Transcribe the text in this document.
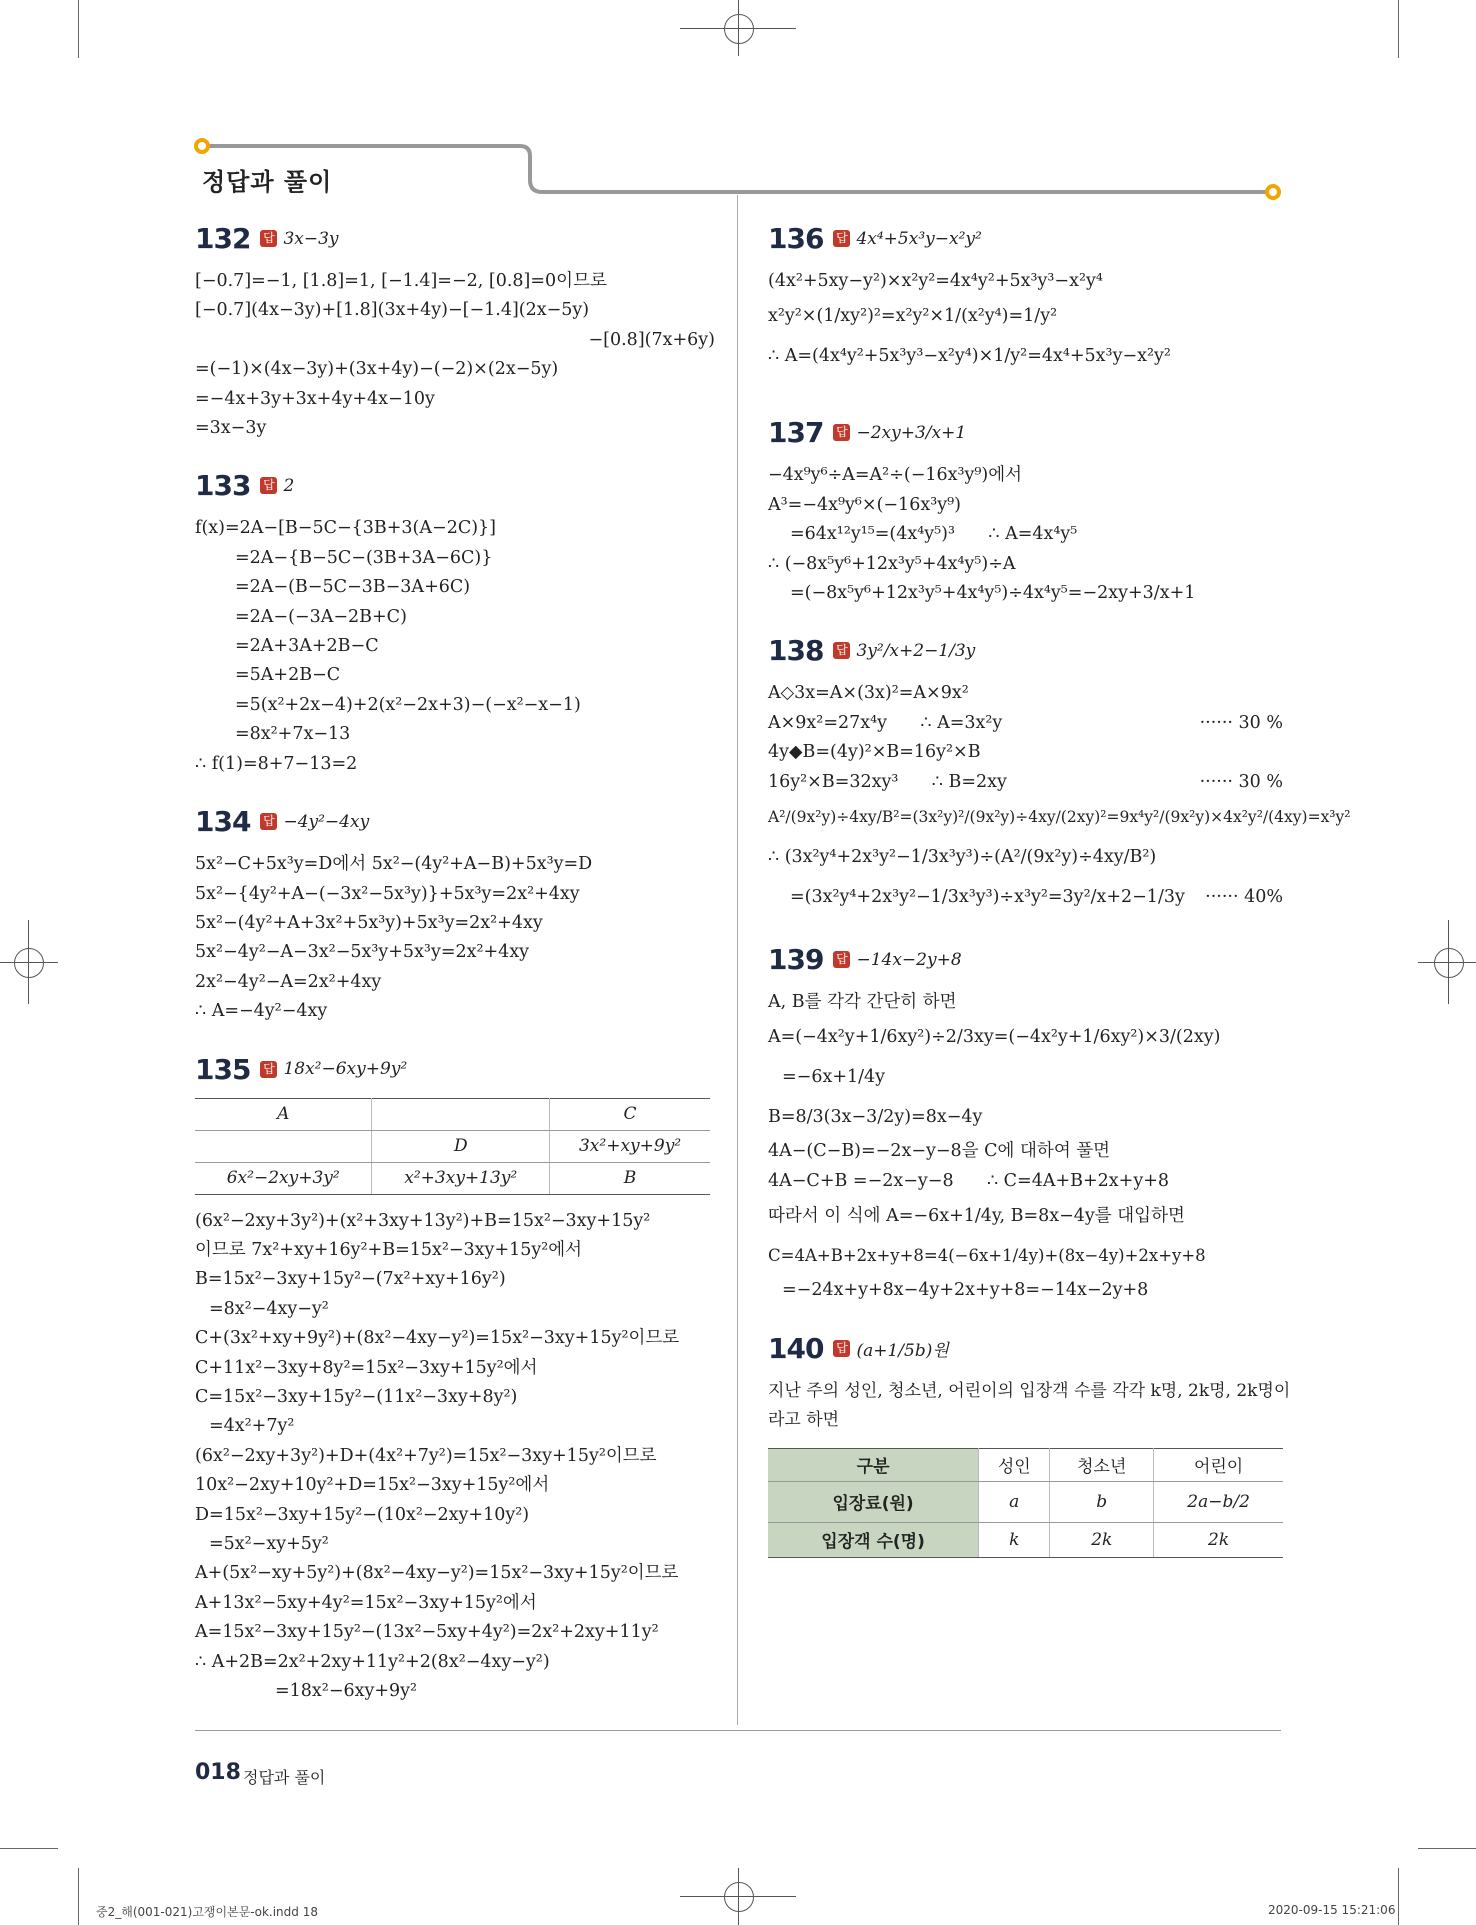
정답과 풀이
132 답 3x−3y
[−0.7]=−1, [1.8]=1, [−1.4]=−2, [0.8]=0이므로
[−0.7](4x−3y)+[1.8](3x+4y)−[−1.4](2x−5y)
−[0.8](7x+6y)
=(−1)×(4x−3y)+(3x+4y)−(−2)×(2x−5y)
=−4x+3y+3x+4y+4x−10y
=3x−3y
133 답 2
f(x)=2A−[B−5C−{3B+3(A−2C)}]
=2A−{B−5C−(3B+3A−6C)}
=2A−(B−5C−3B−3A+6C)
=2A−(−3A−2B+C)
=2A+3A+2B−C
=5A+2B−C
=5(x²+2x−4)+2(x²−2x+3)−(−x²−x−1)
=8x²+7x−13
∴ f(1)=8+7−13=2
134 답 −4y²−4xy
5x²−C+5x³y=D에서 5x²−(4y²+A−B)+5x³y=D
5x²−{4y²+A−(−3x²−5x³y)}+5x³y=2x²+4xy
5x²−(4y²+A+3x²+5x³y)+5x³y=2x²+4xy
5x²−4y²−A−3x²−5x³y+5x³y=2x²+4xy
2x²−4y²−A=2x²+4xy
∴ A=−4y²−4xy
135 답 18x²−6xy+9y²
A		C
	D	3x²+xy+9y²
6x²−2xy+3y²	x²+3xy+13y²	B
(6x²−2xy+3y²)+(x²+3xy+13y²)+B=15x²−3xy+15y²
이므로 7x²+xy+16y²+B=15x²−3xy+15y²에서
B=15x²−3xy+15y²−(7x²+xy+16y²)
=8x²−4xy−y²
C+(3x²+xy+9y²)+(8x²−4xy−y²)=15x²−3xy+15y²이므로
C+11x²−3xy+8y²=15x²−3xy+15y²에서
C=15x²−3xy+15y²−(11x²−3xy+8y²)
=4x²+7y²
(6x²−2xy+3y²)+D+(4x²+7y²)=15x²−3xy+15y²이므로
10x²−2xy+10y²+D=15x²−3xy+15y²에서
D=15x²−3xy+15y²−(10x²−2xy+10y²)
=5x²−xy+5y²
A+(5x²−xy+5y²)+(8x²−4xy−y²)=15x²−3xy+15y²이므로
A+13x²−5xy+4y²=15x²−3xy+15y²에서
A=15x²−3xy+15y²−(13x²−5xy+4y²)=2x²+2xy+11y²
∴ A+2B=2x²+2xy+11y²+2(8x²−4xy−y²)
=18x²−6xy+9y²
136 답 4x⁴+5x³y−x²y²
(4x²+5xy−y²)×x²y²=4x⁴y²+5x³y³−x²y⁴
x²y²×(1/xy²)²=x²y²×1/(x²y⁴)=1/y²
∴ A=(4x⁴y²+5x³y³−x²y⁴)×1/y²=4x⁴+5x³y−x²y²
137 답 −2xy+3/x+1
−4x⁹y⁶÷A=A²÷(−16x³y⁹)에서
A³=−4x⁹y⁶×(−16x³y⁹)
=64x¹²y¹⁵=(4x⁴y⁵)³      ∴ A=4x⁴y⁵
∴ (−8x⁵y⁶+12x³y⁵+4x⁴y⁵)÷A
=(−8x⁵y⁶+12x³y⁵+4x⁴y⁵)÷4x⁴y⁵=−2xy+3/x+1
138 답 3y²/x+2−1/3y
A◇3x=A×(3x)²=A×9x²
A×9x²=27x⁴y      ∴ A=3x²y	······ 30 %
4y◆B=(4y)²×B=16y²×B
16y²×B=32xy³      ∴ B=2xy	······ 30 %
A²/(9x²y)÷4xy/B²=(3x²y)²/(9x²y)÷4xy/(2xy)²=9x⁴y²/(9x²y)×4x²y²/(4xy)=x³y²
∴ (3x²y⁴+2x³y²−1/3x³y³)÷(A²/(9x²y)÷4xy/B²)
=(3x²y⁴+2x³y²−1/3x³y³)÷x³y²=3y²/x+2−1/3y ······ 40%
139 답 −14x−2y+8
A, B를 각각 간단히 하면
A=(−4x²y+1/6xy²)÷2/3xy=(−4x²y+1/6xy²)×3/(2xy)
=−6x+1/4y
B=8/3(3x−3/2y)=8x−4y
4A−(C−B)=−2x−y−8을 C에 대하여 풀면
4A−C+B =−2x−y−8      ∴ C=4A+B+2x+y+8
따라서 이 식에 A=−6x+1/4y, B=8x−4y를 대입하면
C=4A+B+2x+y+8=4(−6x+1/4y)+(8x−4y)+2x+y+8
=−24x+y+8x−4y+2x+y+8=−14x−2y+8
140 답 (a+1/5b)원
지난 주의 성인, 청소년, 어린이의 입장객 수를 각각 k명, 2k명, 2k명이
라고 하면
구분	성인	청소년	어린이
입장료(원)	a	b	2a−b/2
입장객 수(명)	k	2k	2k
018 정답과 풀이
중2_해(001-021)고쟁이본문-ok.indd 18	2020-09-15 15:21:06
